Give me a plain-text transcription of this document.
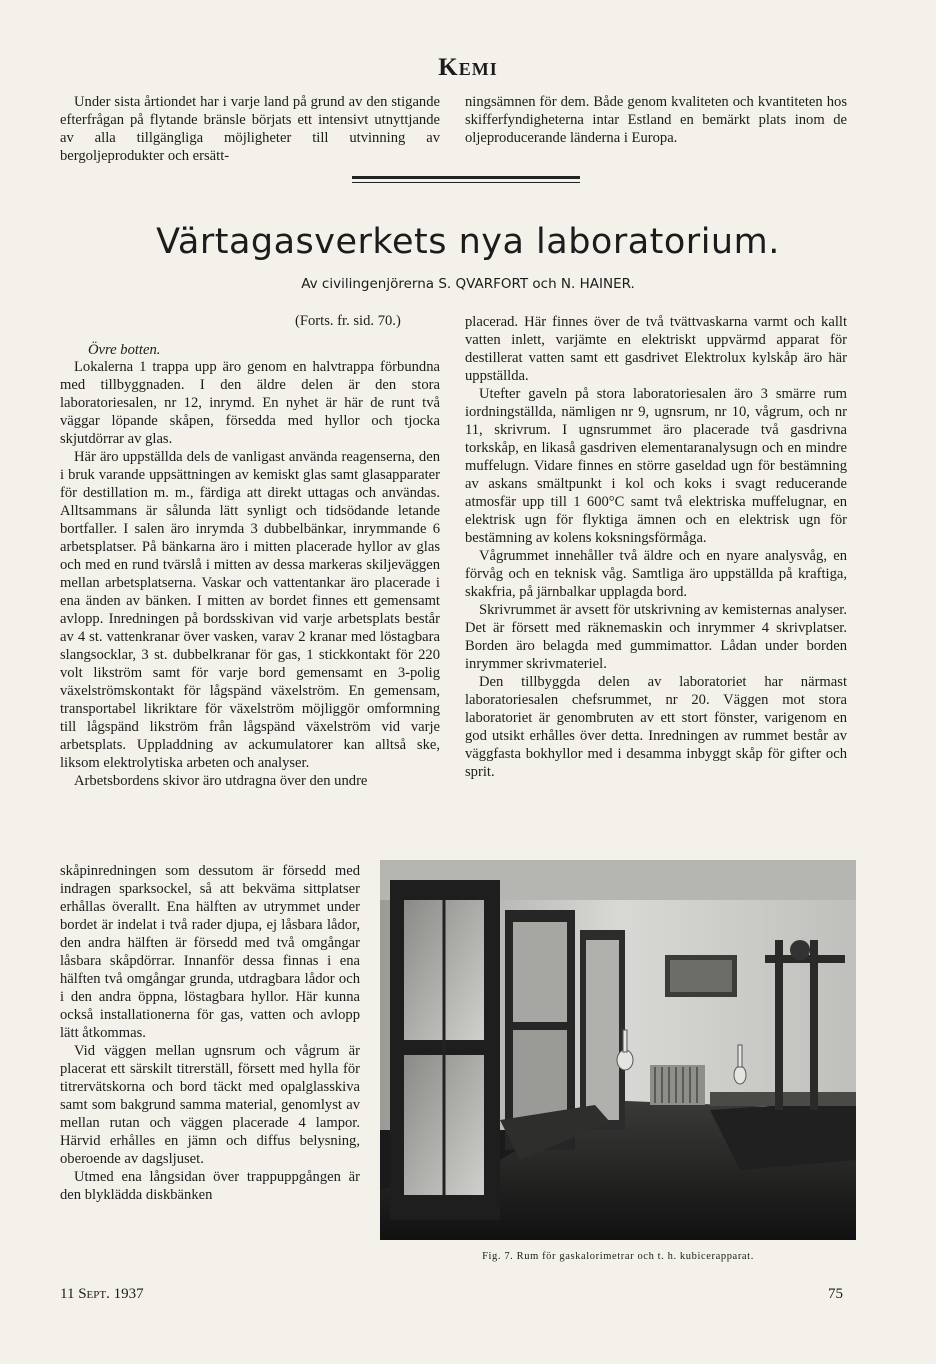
Kemi

Under sista årtiondet har i varje land på grund av den stigande efterfrågan på flytande bränsle börjats ett intensivt utnyttjande av alla tillgängliga möjligheter till utvinning av bergoljeprodukter och ersätt-

ningsämnen för dem. Både genom kvaliteten och kvantiteten hos skifferfyndigheterna intar Estland en bemärkt plats inom de oljeproducerande länderna i Europa.

Värtagasverkets nya laboratorium.
Av civilingenjörerna S. QVARFORT och N. HAINER.
(Forts. fr. sid. 70.)
Övre botten.

Lokalerna 1 trappa upp äro genom en halvtrappa förbundna med tillbyggnaden. I den äldre delen är den stora laboratoriesalen, nr 12, inrymd. En nyhet är här de runt två väggar löpande skåpen, försedda med hyllor och tjocka skjutdörrar av glas.

Här äro uppställda dels de vanligast använda reagenserna, den i bruk varande uppsättningen av kemiskt glas samt glasapparater för destillation m. m., färdiga att direkt uttagas och användas. Alltsammans är sålunda lätt synligt och tidsödande letande bortfaller. I salen äro inrymda 3 dubbelbänkar, inrymmande 6 arbetsplatser. På bänkarna äro i mitten placerade hyllor av glas och med en rund tvärslå i mitten av dessa markeras skiljeväggen mellan arbetsplatserna. Vaskar och vattentankar äro placerade i ena änden av bänken. I mitten av bordet finnes ett gemensamt avlopp. Inredningen på bordsskivan vid varje arbetsplats består av 4 st. vattenkranar över vasken, varav 2 kranar med löstagbara slangsocklar, 3 st. dubbelkranar för gas, 1 stickkontakt för 220 volt likström samt för varje bord gemensamt en 3-polig växelströmskontakt för lågspänd växelström. En gemensam, transportabel likriktare för växelström möjliggör omformning till lågspänd likström från lågspänd växelström vid varje arbetsplats. Uppladdning av ackumulatorer kan alltså ske, liksom elektrolytiska arbeten och analyser.

Arbetsbordens skivor äro utdragna över den undre

skåpinredningen som dessutom är försedd med indragen sparksockel, så att bekväma sittplatser erhållas överallt. Ena hälften av utrymmet under bordet är indelat i två rader djupa, ej låsbara lådor, den andra hälften är försedd med två omgångar låsbara skåpdörrar. Innanför dessa finnas i ena hälften två omgångar grunda, utdragbara lådor och i den andra öppna, löstagbara hyllor. Här kunna också installationerna för gas, vatten och avlopp lätt åtkommas.

Vid väggen mellan ugnsrum och vågrum är placerat ett särskilt titrerställ, försett med hylla för titrervätskorna och bord täckt med opalglasskiva samt som bakgrund samma material, genomlyst av mellan rutan och väggen placerade 4 lampor. Härvid erhålles en jämn och diffus belysning, oberoende av dagsljuset.

Utmed ena långsidan över trappuppgången är den blyklädda diskbänken

placerad. Här finnes över de två tvättvaskarna varmt och kallt vatten inlett, varjämte en elektriskt uppvärmd apparat för destillerat vatten samt ett gasdrivet Elektrolux kylskåp äro här uppställda.

Utefter gaveln på stora laboratoriesalen äro 3 smärre rum iordningställda, nämligen nr 9, ugnsrum, nr 10, vågrum, och nr 11, skrivrum. I ugnsrummet äro placerade två gasdrivna torkskåp, en likaså gasdriven elementaranalysugn och en mindre muffelugn. Vidare finnes en större gaseldad ugn för bestämning av askans smältpunkt i kol och koks i svagt reducerande atmosfär upp till 1 600°C samt två elektriska muffelugnar, en elektrisk ugn för flyktiga ämnen och en elektrisk ugn för bestämning av kolens koksningsförmåga.

Vågrummet innehåller två äldre och en nyare analysvåg, en förvåg och en teknisk våg. Samtliga äro uppställda på kraftiga, skakfria, på järnbalkar upplagda bord.

Skrivrummet är avsett för utskrivning av kemisternas analyser. Det är försett med räknemaskin och inrymmer 4 skrivplatser. Borden äro belagda med gummimattor. Lådan under borden inrymmer skrivmateriel.

Den tillbyggda delen av laboratoriet har närmast laboratoriesalen chefsrummet, nr 20. Väggen mot stora laboratoriet är genombruten av ett stort fönster, varigenom en god utsikt erhålles över detta. Inredningen av rummet består av väggfasta bokhyllor med i desamma inbyggt skåp för gifter och sprit.

Fig. 7. Rum för gaskalorimetrar och t. h. kubicerapparat.
11 Sept. 1937	75
